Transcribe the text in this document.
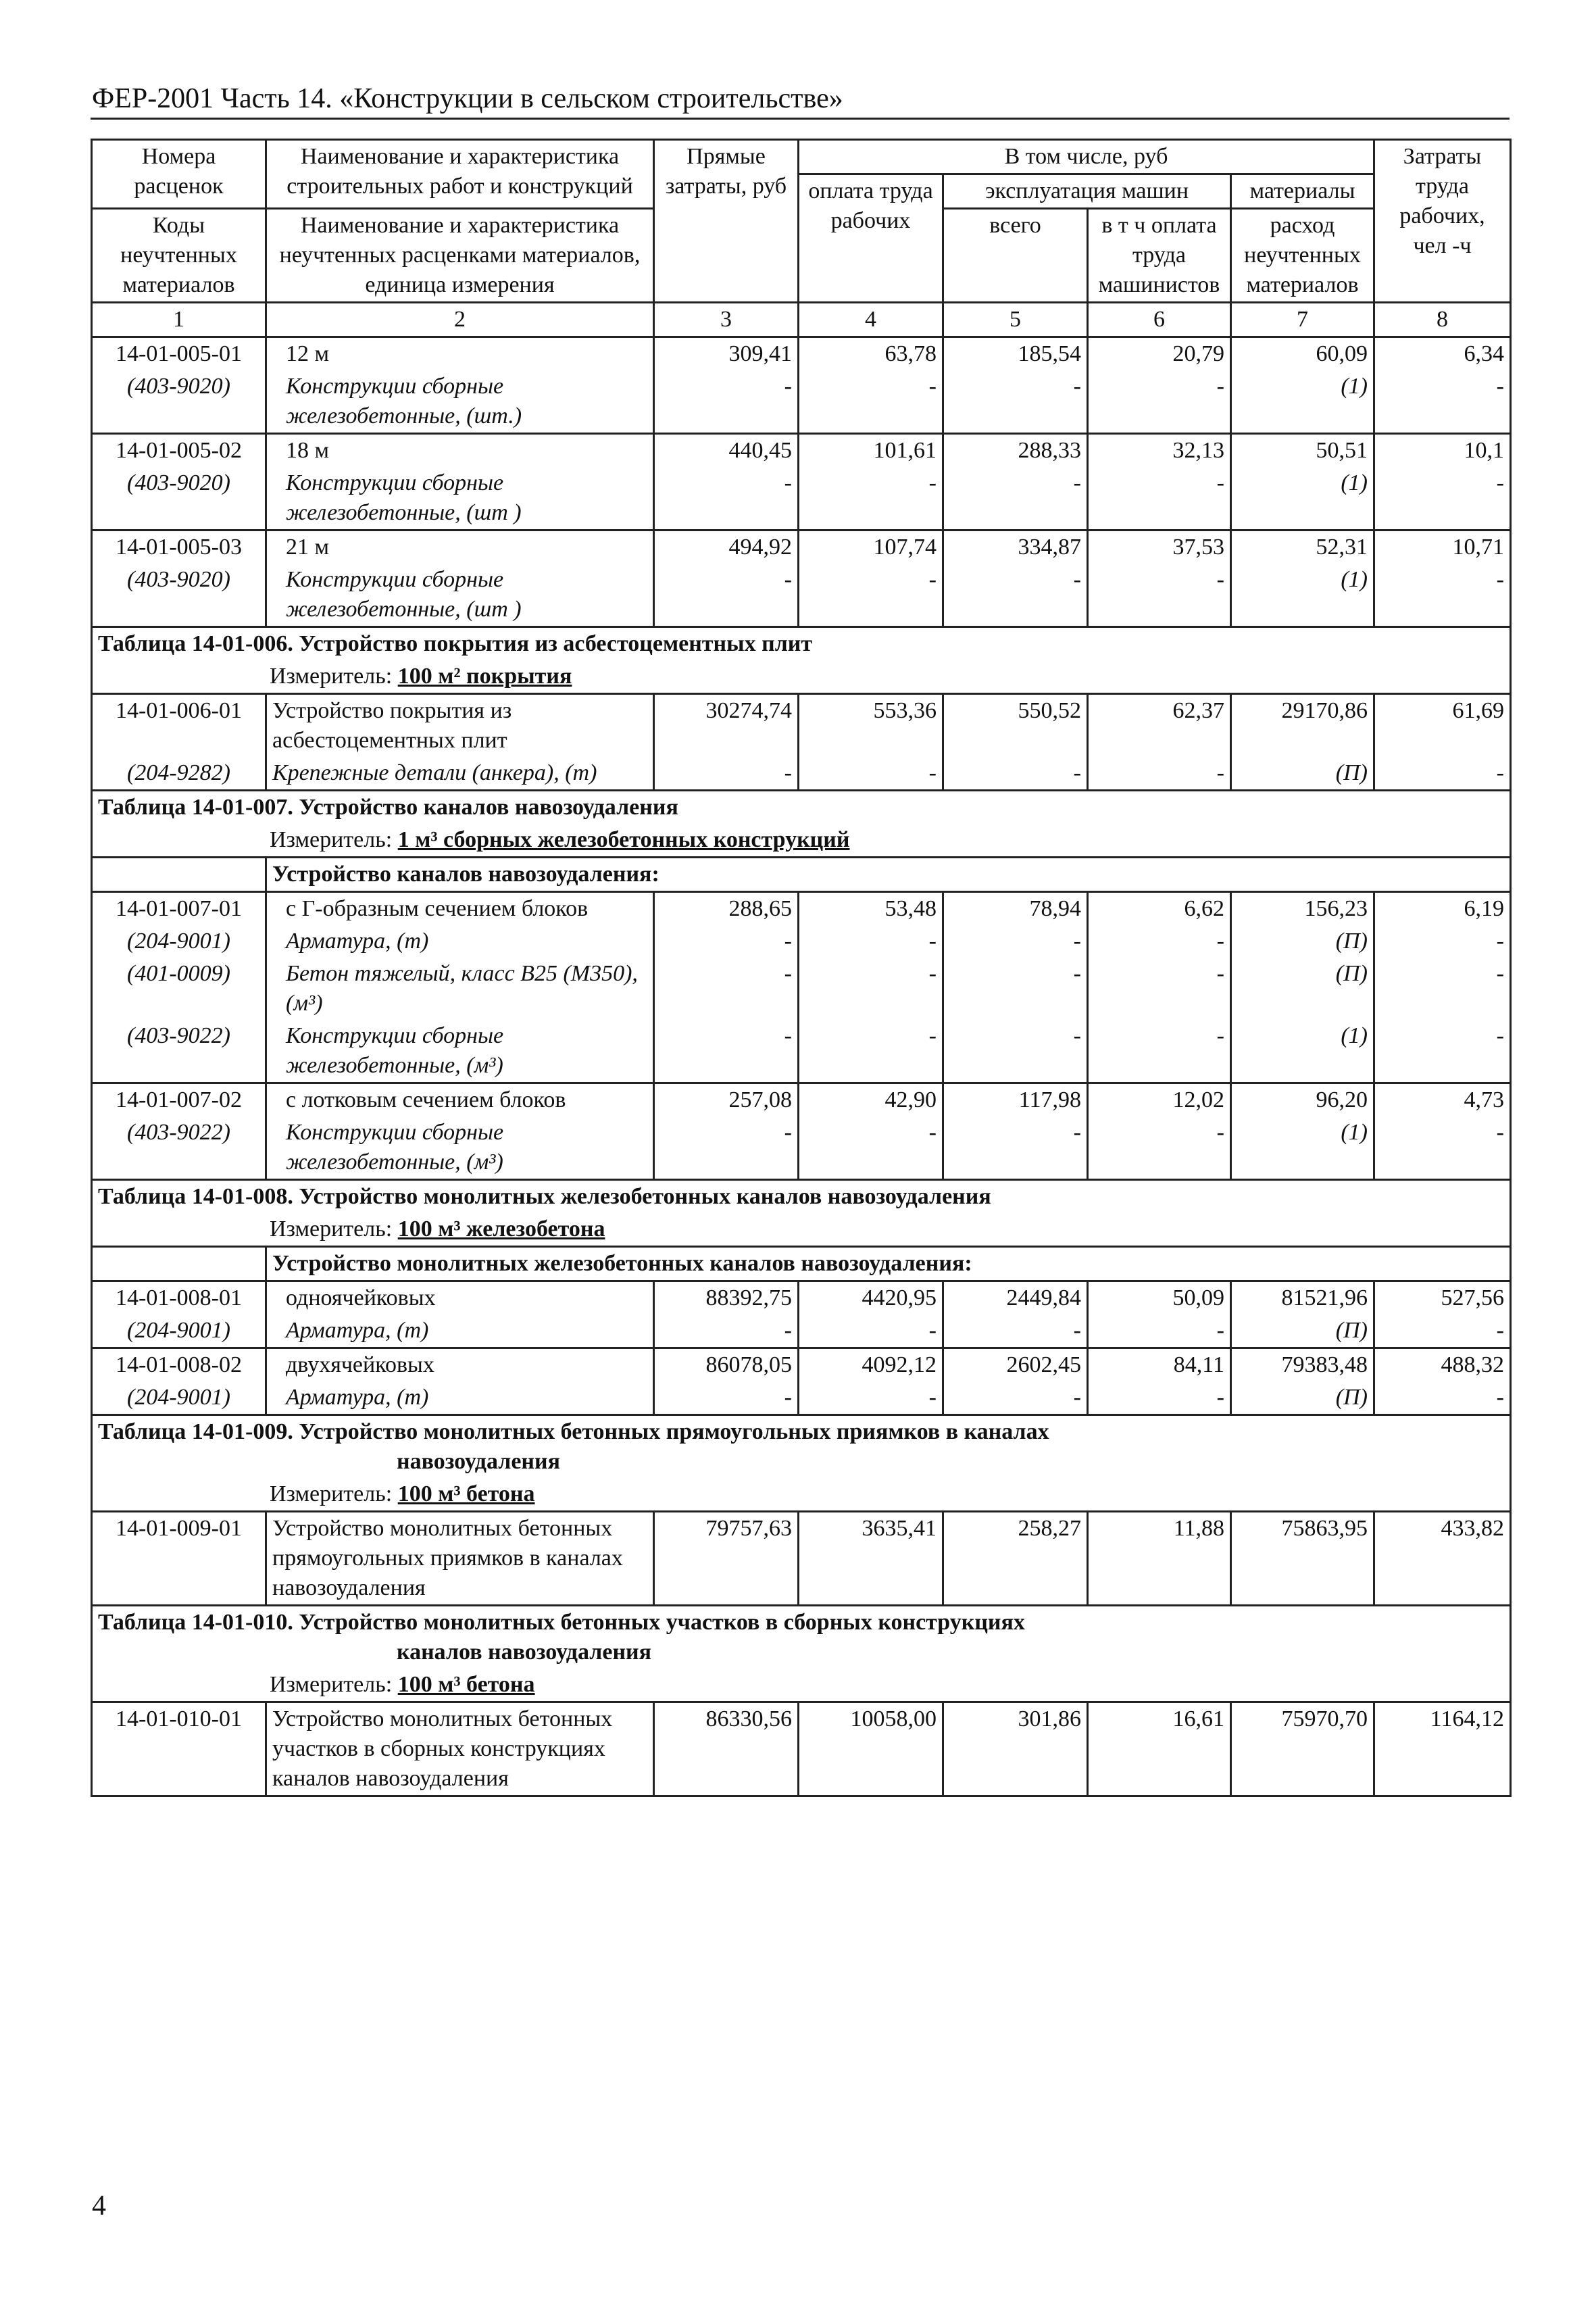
ФЕР-2001 Часть 14. «Конструкции в сельском строительстве»
Номера расценок	Наименование и характеристика строительных работ и конструкций	Прямые затраты, руб	В том числе, руб				Затраты труда рабочих, чел -ч
			оплата труда рабочих	эксплуатация машин		материалы	
Коды неучтенных материалов	Наименование и характеристика неучтенных расценками материалов, единица измерения			всего	в т ч оплата труда машинистов	расход неучтенных материалов	

1	2	3	4	5	6	7	8
14-01-005-01	12 м	309,41	63,78	185,54	20,79	60,09	6,34
(403-9020)	Конструкции сборные железобетонные, (шт.)	-	-	-	-	(1)	-
14-01-005-02	18 м	440,45	101,61	288,33	32,13	50,51	10,1
(403-9020)	Конструкции сборные железобетонные, (шт )	-	-	-	-	(1)	-
14-01-005-03	21 м	494,92	107,74	334,87	37,53	52,31	10,71
(403-9020)	Конструкции сборные железобетонные, (шт )	-	-	-	-	(1)	-
Таблица 14-01-006. Устройство покрытия из асбестоцементных плит							
Измеритель: 100 м² покрытия							
14-01-006-01	Устройство покрытия из асбестоцементных плит	30274,74	553,36	550,52	62,37	29170,86	61,69
(204-9282)	Крепежные детали (анкера), (т)	-	-	-	-	(П)	-
Таблица 14-01-007. Устройство каналов навозоудаления							
Измеритель: 1 м³ сборных железобетонных конструкций							
	Устройство каналов навозоудаления:						
14-01-007-01	с Г-образным сечением блоков	288,65	53,48	78,94	6,62	156,23	6,19
(204-9001)	Арматура, (т)	-	-	-	-	(П)	-
(401-0009)	Бетон тяжелый, класс В25 (М350), (м³)	-	-	-	-	(П)	-
(403-9022)	Конструкции сборные железобетонные, (м³)	-	-	-	-	(1)	-
14-01-007-02	с лотковым сечением блоков	257,08	42,90	117,98	12,02	96,20	4,73
(403-9022)	Конструкции сборные железобетонные, (м³)	-	-	-	-	(1)	-
Таблица 14-01-008. Устройство монолитных железобетонных каналов навозоудаления							
Измеритель: 100 м³ железобетона							
	Устройство монолитных железобетонных каналов навозоудаления:						
14-01-008-01	одноячейковых	88392,75	4420,95	2449,84	50,09	81521,96	527,56
(204-9001)	Арматура, (т)	-	-	-	-	(П)	-
14-01-008-02	двухячейковых	86078,05	4092,12	2602,45	84,11	79383,48	488,32
(204-9001)	Арматура, (т)	-	-	-	-	(П)	-
Таблица 14-01-009. Устройство монолитных бетонных прямоугольных приямков в каналах							
навозоудаления							
Измеритель: 100 м³ бетона							
14-01-009-01	Устройство монолитных бетонных прямоугольных приямков в каналах навозоудаления	79757,63	3635,41	258,27	11,88	75863,95	433,82
Таблица 14-01-010. Устройство монолитных бетонных участков в сборных конструкциях							
каналов навозоудаления							
Измеритель: 100 м³ бетона							
14-01-010-01	Устройство монолитных бетонных участков в сборных конструкциях каналов навозоудаления	86330,56	10058,00	301,86	16,61	75970,70	1164,12
4
